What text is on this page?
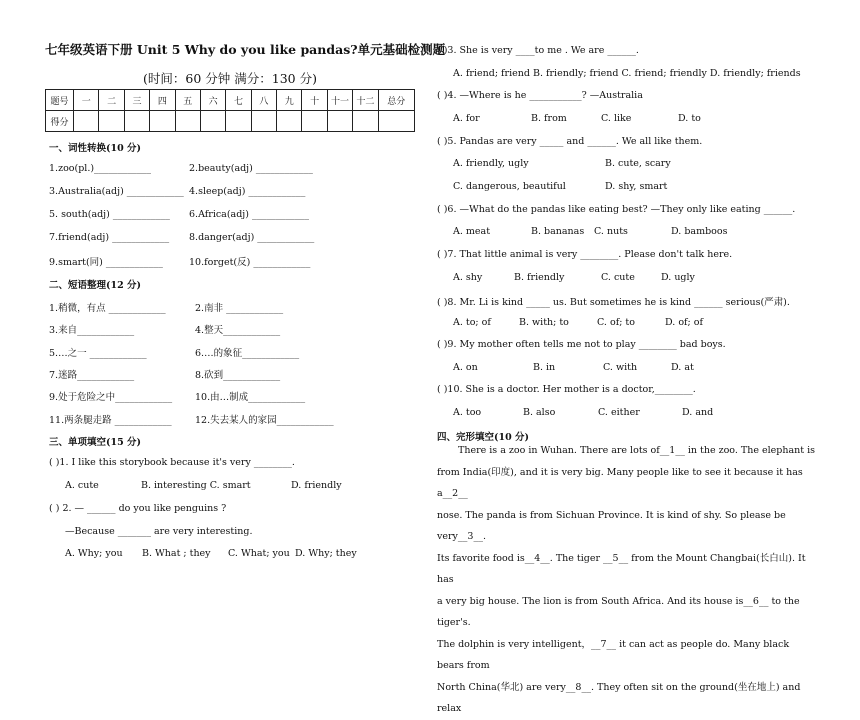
七年级英语下册 Unit 5 Why do you like pandas?单元基础检测题
(时间：60 分钟 满分：130 分)
题号	一	二	三	四	五	六	七	八	九	十	十一	十二	总分
得分													
一、词性转换(10 分)
1.zoo(pl.)____________	2.beauty(adj) ____________
3.Australia(adj) ____________ 4.sleep(adj) ____________
5. south(adj) ____________ 6.Africa(adj) ____________
7.friend(adj) ____________ 8.danger(adj) ____________
9.smart(同) ____________	10.forget(反) ____________
二、短语整理(12 分)
1.稍微，有点 ____________	2.南非 ____________
3.来自____________	4.整天____________
5.…之一 ____________	6.…的象征____________
7.迷路____________	8.砍到____________
9.处于危险之中____________ 10.由…制成____________
11.两条腿走路 ____________ 12.失去某人的家园____________
三、单项填空(15 分)
( )1. I like this storybook because it's very ________.
A. cute	B. interesting C. smart	D. friendly
( ) 2. — ______ do you like penguins ?
—Because _______ are very interesting.
A. Why; you B. What ; they C. What; you D. Why; they
( )3. She is very ____to me . We are ______.
A. friend; friend B. friendly; friend C. friend; friendly D. friendly; friends
( )4. —Where is he ___________? —Australia
A. for	B. from	C. like	D. to
( )5. Pandas are very _____ and ______. We all like them.
A. friendly, ugly	B. cute, scary
C. dangerous, beautiful	D. shy, smart
( )6. —What do the pandas like eating best? —They only like eating ______.
A. meat	B. bananas C. nuts	D. bamboos
( )7. That little animal is very ________. Please don't talk here.
A. shy	B. friendly	C. cute	D. ugly
( )8. Mr. Li is kind _____ us. But sometimes he is kind ______ serious(严肃).
A. to; of	B. with; to	C. of; to	D. of; of
( )9. My mother often tells me not to play ________ bad boys.
A. on	B. in	C. with	D. at
( )10. She is a doctor. Her mother is a doctor,________.
A. too	B. also	C. either	D. and
四、完形填空(10 分)

There is a zoo in Wuhan. There are lots of__1__ in the zoo. The elephant is

from India(印度), and it is very big. Many people like to see it because it has a__2__

nose. The panda is from Sichuan Province. It is kind of shy. So please be very__3__.

Its favorite food is__4__. The tiger __5__ from the Mount Changbai(长白山). It has

a very big house. The lion is from South Africa. And its house is__6__ to the tiger's.

The dolphin is very intelligent，__7__ it can act as people do. Many black bears from

North China(华北) are very__8__. They often sit on the ground(坐在地上) and relax
